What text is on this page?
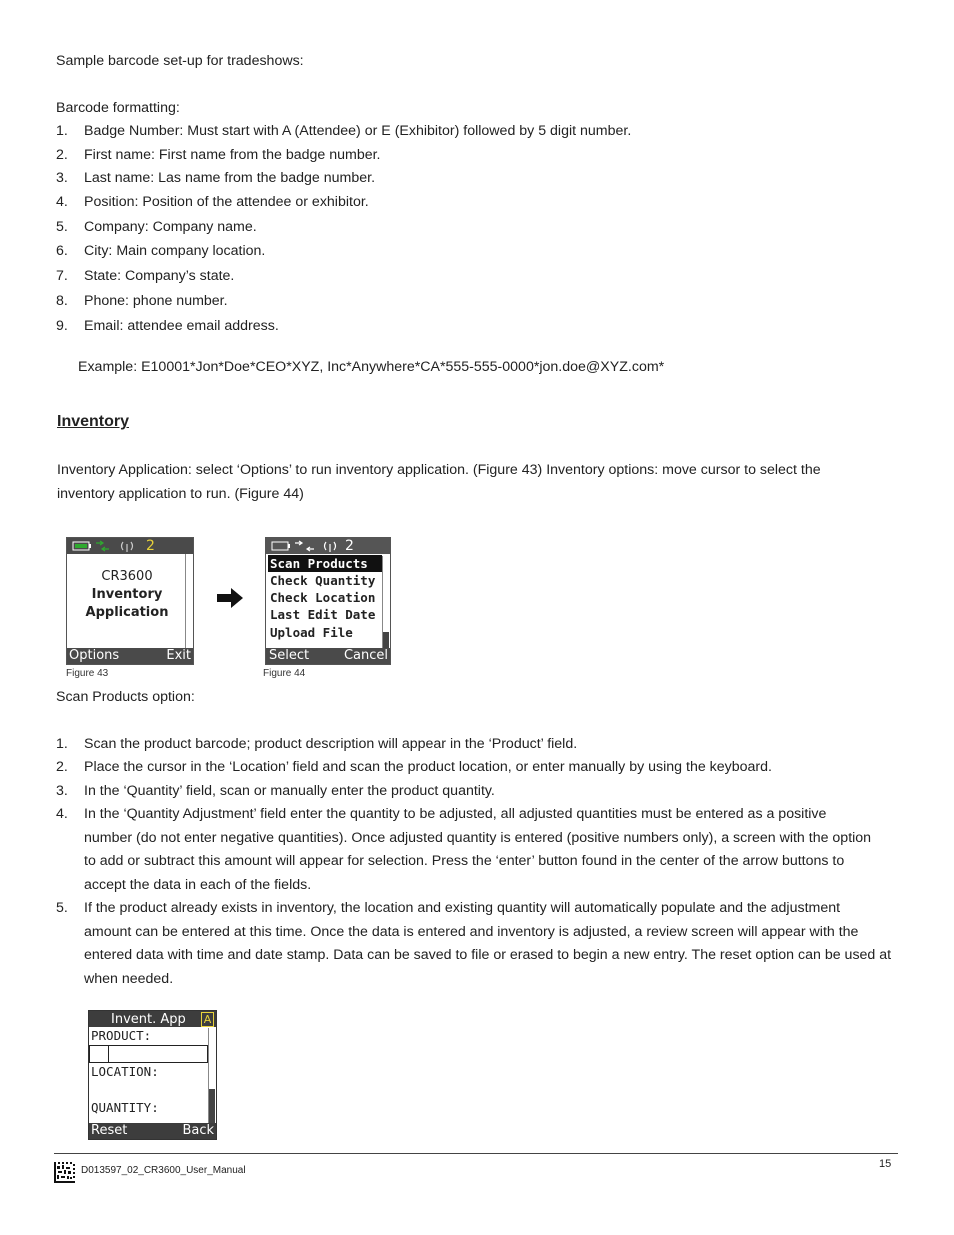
Sample barcode set-up for tradeshows:
Barcode formatting:
1. Badge Number: Must start with A (Attendee) or E (Exhibitor) followed by 5 digit number.
2. First name: First name from the badge number.
3. Last name: Las name from the badge number.
4. Position: Position of the attendee or exhibitor.
5. Company: Company name.
6. City: Main company location.
7. State: Company’s state.
8. Phone: phone number.
9. Email: attendee email address.
Example: E10001*Jon*Doe*CEO*XYZ, Inc*Anywhere*CA*555-555-0000*jon.doe@XYZ.com*
Inventory
Inventory Application: select ‘Options’ to run inventory application. (Figure 43) Inventory options: move cursor to select the inventory application to run. (Figure 44)
2
CR3600
Inventory
Application
Options	Exit
Figure 43
2
Scan Products
Check Quantity
Check Location
Last Edit Date
Upload File
Select	Cancel
Figure 44
Scan Products option:
1. Scan the product barcode; product description will appear in the ‘Product’ field.
2. Place the cursor in the ‘Location’ field and scan the product location, or enter manually by using the keyboard.
3. In the ‘Quantity’ field, scan or manually enter the product quantity.
4. In the ‘Quantity Adjustment’ field enter the quantity to be adjusted, all adjusted quantities must be entered as a positive
number (do not enter negative quantities). Once adjusted quantity is entered (positive numbers only), a screen with the option
to add or subtract this amount will appear for selection. Press the ‘enter’ button found in the center of the arrow buttons to
accept the data in each of the fields.
5. If the product already exists in inventory, the location and existing quantity will automatically populate and the adjustment
amount can be entered at this time. Once the data is entered and inventory is adjusted, a review screen will appear with the
entered data with time and date stamp. Data can be saved to file or erased to begin a new entry. The reset option can be used at
when needed.
Invent. App A
PRODUCT:
LOCATION:
QUANTITY:
Reset	Back
D013597_02_CR3600_User_Manual
15
